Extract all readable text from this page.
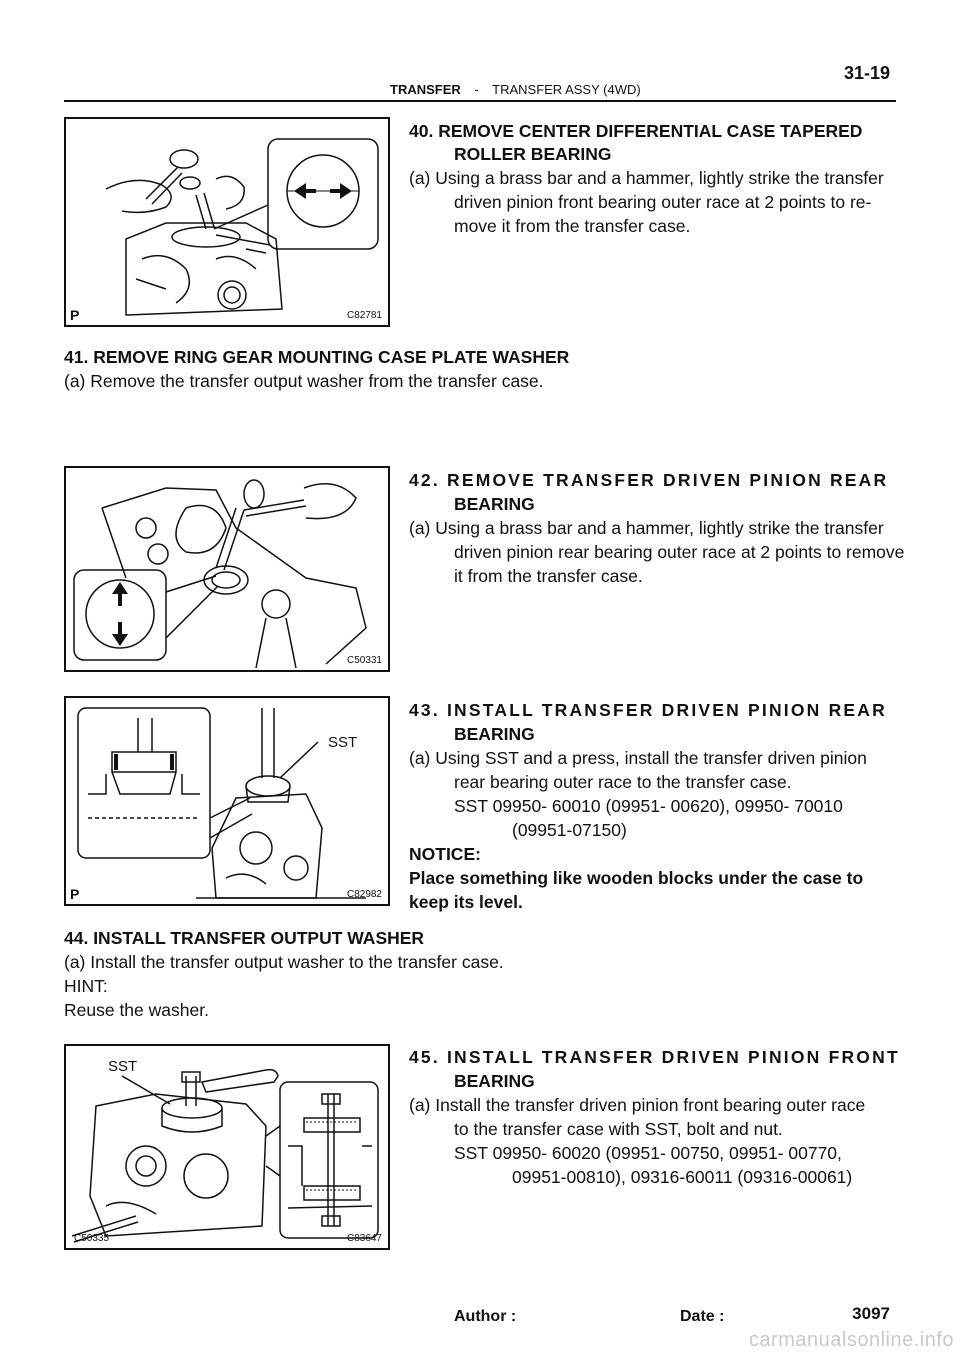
31-19
TRANSFER - TRANSFER ASSY (4WD)
P	C82781
40. REMOVE CENTER DIFFERENTIAL CASE TAPERED
ROLLER BEARING
(a) Using a brass bar and a hammer, lightly strike the transfer
driven pinion front bearing outer race at 2 points to re-
move it from the transfer case.
41. REMOVE RING GEAR MOUNTING CASE PLATE WASHER
(a) Remove the transfer output washer from the transfer case.
C50331
42. REMOVE TRANSFER DRIVEN PINION REAR
BEARING
(a) Using a brass bar and a hammer, lightly strike the transfer
driven pinion rear bearing outer race at 2 points to remove
it from the transfer case.
SST
P	C82982
43. INSTALL TRANSFER DRIVEN PINION REAR
BEARING
(a) Using SST and a press, install the transfer driven pinion
rear bearing outer race to the transfer case.
SST 09950- 60010 (09951- 00620), 09950- 70010
(09951-07150)
NOTICE:
Place something like wooden blocks under the case to
keep its level.
44. INSTALL TRANSFER OUTPUT WASHER
(a) Install the transfer output washer to the transfer case.
HINT:
Reuse the washer.
SST
C50335	C83647
45. INSTALL TRANSFER DRIVEN PINION FRONT
BEARING
(a) Install the transfer driven pinion front bearing outer race
to the transfer case with SST, bolt and nut.
SST 09950- 60020 (09951- 00750, 09951- 00770,
09951-00810), 09316-60011 (09316-00061)
Author :	Date :	3097
carmanualsonline.info
